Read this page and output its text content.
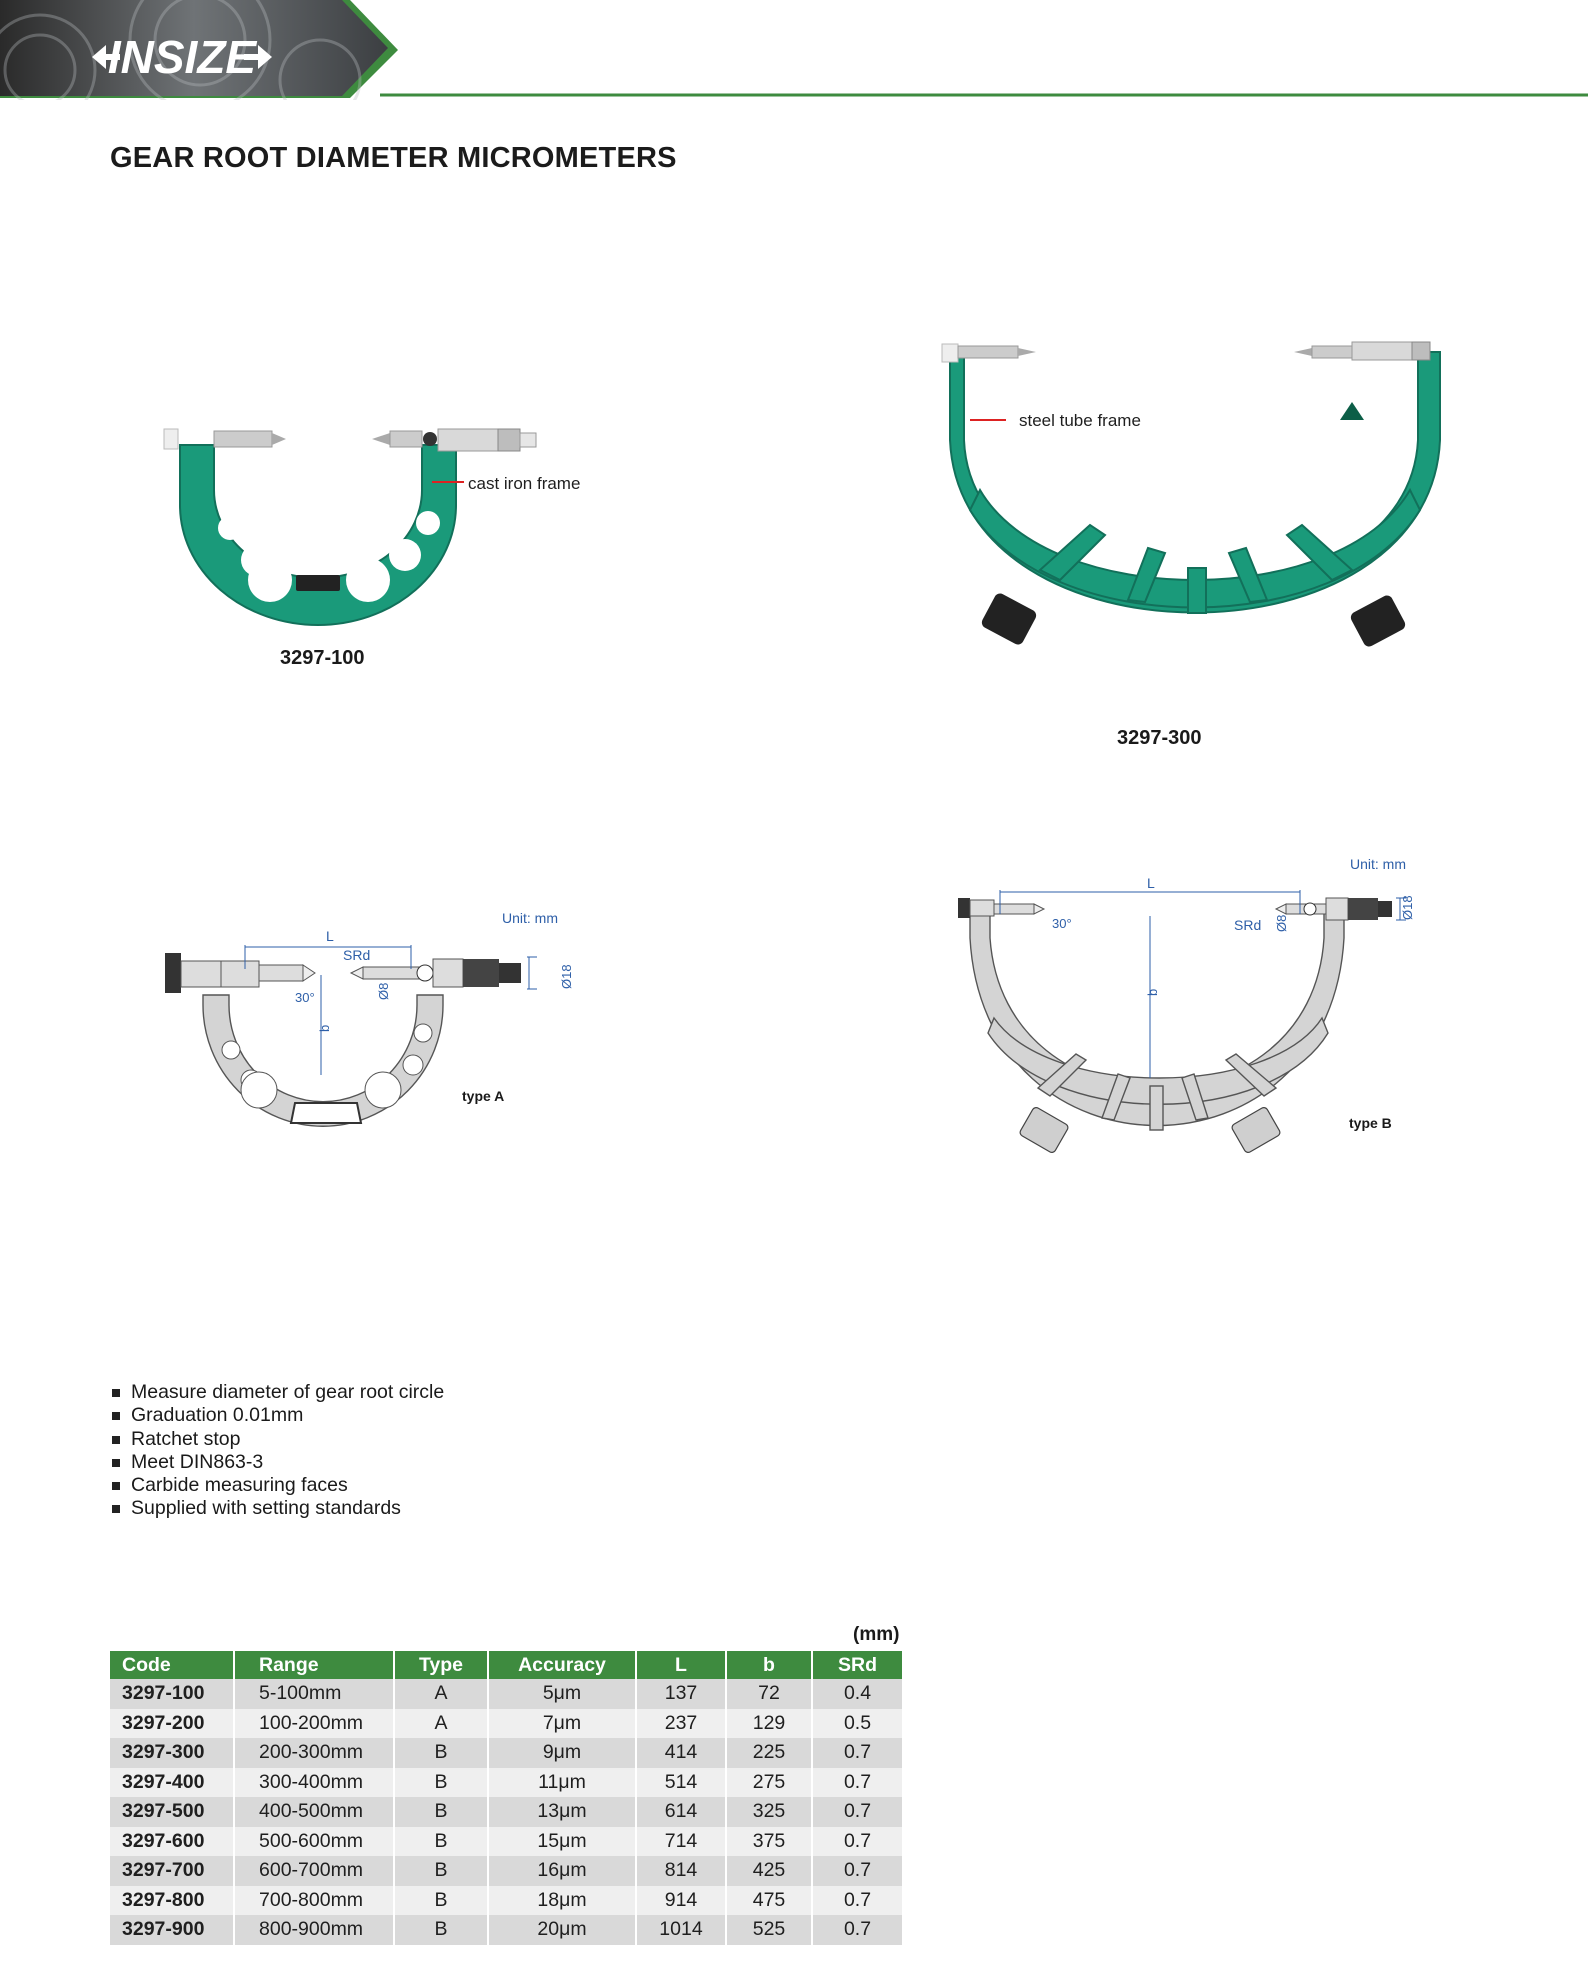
INSIZE
GEAR ROOT DIAMETER MICROMETERS
cast iron frame
3297-100
steel tube frame
3297-300
L
SRd
30°	Ø8
Ø18
b
Unit: mm
type A
L
SRd
30°	Ø8
Ø18
b
Unit: mm
type B
Measure diameter of gear root circle
Graduation 0.01mm
Ratchet stop
Meet DIN863-3
Carbide measuring faces
Supplied with setting standards
(mm)
Code	Range	Type	Accuracy	L	b	SRd
3297-100	5-100mm	A	5μm	137	72	0.4
3297-200	100-200mm	A	7μm	237	129	0.5
3297-300	200-300mm	B	9μm	414	225	0.7
3297-400	300-400mm	B	11μm	514	275	0.7
3297-500	400-500mm	B	13μm	614	325	0.7
3297-600	500-600mm	B	15μm	714	375	0.7
3297-700	600-700mm	B	16μm	814	425	0.7
3297-800	700-800mm	B	18μm	914	475	0.7
3297-900	800-900mm	B	20μm	1014	525	0.7
